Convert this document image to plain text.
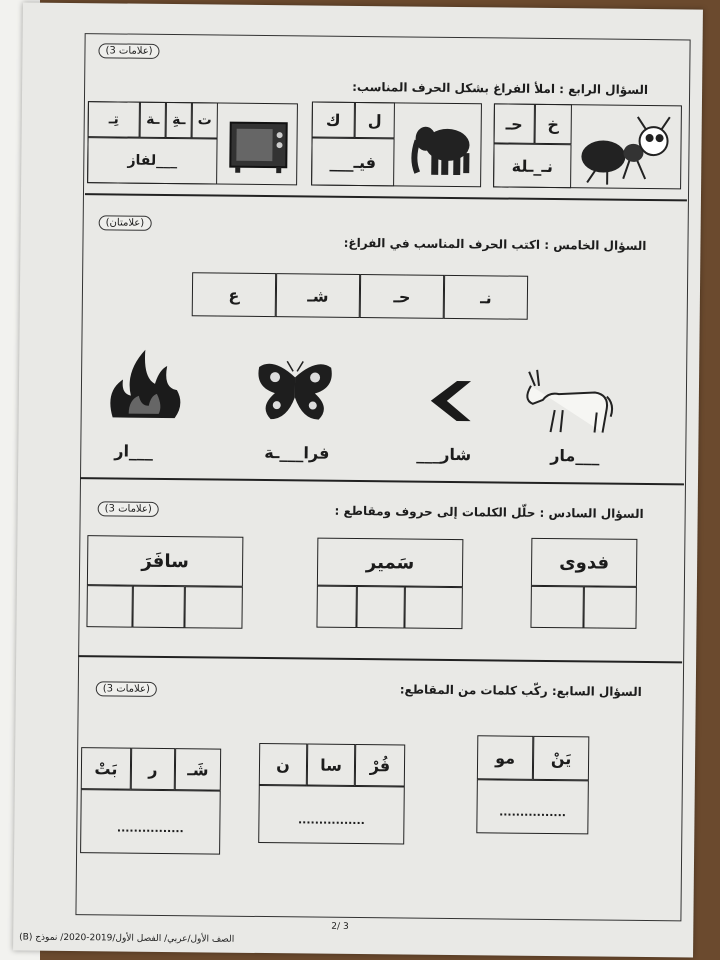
(3 علامات)
السؤال الرابع : املأ الفراغ بشكل الحرف المناسب:
خ
حـ
نـ_ـلة
ل
ك
فيـ___
ت
ـةِ
ـة
تِـ
___لفاز
(علامتان)
السؤال الخامس : اكتب الحرف المناسب في الفراغ:
نـ
حـ
شـ
ع
___مار
شار___
فرا___ـة
___ار
(3 علامات)	السؤال السادس : حلّل الكلمات إلى حروف ومقاطع :
فدوى
سَمير
سافَرَ
(3 علامات)	السؤال السابع: ركّب كلمات من المقاطع:
يَنْ
مو
................
فُرْ
سا
ن
................
شَـ
ر
بَتْ
................
3 /2
الصف الأول/عربي/ الفصل الأول/2019-2020/ نموذج (B)
